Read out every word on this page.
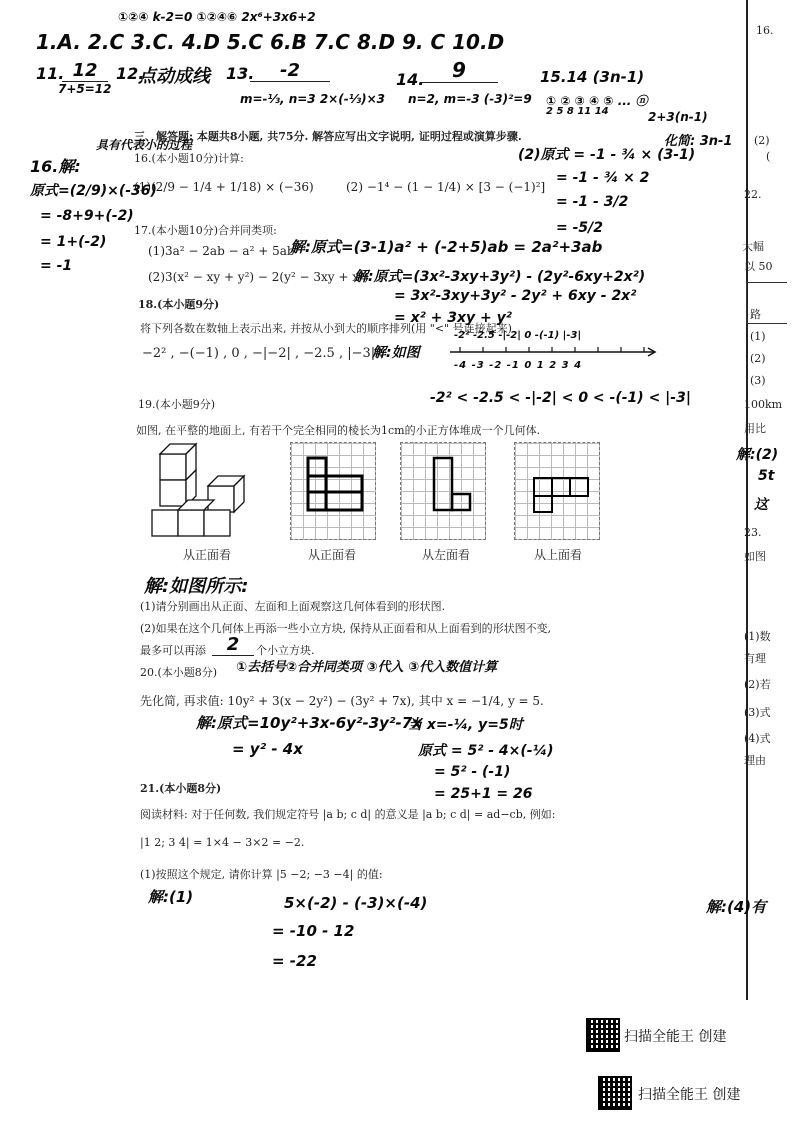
①②④ k-2=0 ①②④⑥ 2x⁶+3x6+2
1.A. 2.C 3.C. 4.D 5.C 6.B 7.C 8.D 9. C 10.D
11. 12
7+5=12
12.
点动成线 13.	-2
m=-⅓, n=3 2×(-⅓)×3
14.	9
n=2, m=-3 (-3)²=9
15.14 (3n-1)
① ② ③ ④ ⑤ ... ⓝ
2 5 8 11 14	2+3(n-1)
化简: 3n-1
三、解答题: 本题共8小题, 共75分. 解答应写出文字说明, 证明过程或演算步骤.
具有代表小的过程
16.(本小题10分)计算:
16.解:
(1)(2/9 − 1/4 + 1/18) × (−36)	(2) −1⁴ − (1 − 1/4) × [3 − (−1)²]
原式=(2/9)×(-36)
= -8+9+(-2)
= 1+(-2)
= -1
(2)原式 = -1 - ¾ × (3-1)
= -1 - ¾ × 2
= -1 - 3/2
= -5/2
17.(本小题10分)合并同类项:
(1)3a² − 2ab − a² + 5ab
解:原式=(3-1)a² + (-2+5)ab = 2a²+3ab
(2)3(x² − xy + y²) − 2(y² − 3xy + x²)
解:原式=(3x²-3xy+3y²) - (2y²-6xy+2x²)
= 3x²-3xy+3y² - 2y² + 6xy - 2x²
= x² + 3xy + y²
18.(本小题9分)
将下列各数在数轴上表示出来, 并按从小到大的顺序排列(用 "<" 号连接起来)
−2² , −(−1) , 0 , −|−2| , −2.5 , |−3| .
解:如图
-2² -2.5 -|-2| 0 -(-1) |-3|
-4 -3 -2 -1 0 1 2 3 4
-2² < -2.5 < -|-2| < 0 < -(-1) < |-3|
19.(本小题9分)
如图, 在平整的地面上, 有若干个完全相同的棱长为1cm的小正方体堆成一个几何体.
从正面看	从正面看	从左面看	从上面看
解:如图所示:
(1)请分别画出从正面、左面和上面观察这几何体看到的形状图.
(2)如果在这个几何体上再添一些小立方块, 保持从正面看和从上面看到的形状图不变,
最多可以再添	2	个小立方块.
20.(本小题8分) ①去括号②合并同类项 ③代入 ③代入数值计算
先化简, 再求值: 10y² + 3(x − 2y²) − (3y² + 7x), 其中 x = −1/4, y = 5.
解:原式=10y²+3x-6y²-3y²-7x
= y² - 4x
当 x=-¼, y=5时
原式 = 5² - 4×(-¼)
= 5² - (-1)
= 25+1 = 26
21.(本小题8分)
阅读材料: 对于任何数, 我们规定符号 |a b; c d| 的意义是 |a b; c d| = ad−cb, 例如:
|1 2; 3 4| = 1×4 − 3×2 = −2.
(1)按照这个规定, 请你计算 |5 −2; −3 −4| 的值:
解:(1)	5×(-2) - (-3)×(-4)
= -10 - 12
= -22
16.
(2)
(
22.
大幅
以 50
路
(1)
(2)
(3)
100km
用比
解:(2)
5t
这
23.
如图
(1)数
有理
(2)若
(3)式
(4)式
理由
解:(4)有
扫描全能王 创建
扫描全能王 创建
